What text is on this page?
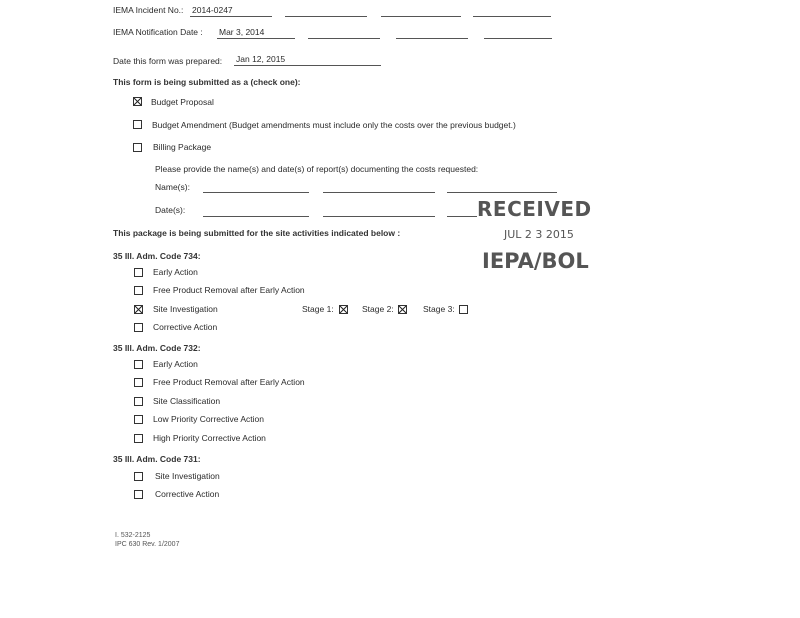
IEMA Incident No.: 2014-0247
IEMA Notification Date : Mar 3, 2014
Date this form was prepared: Jan 12, 2015
This form is being submitted as a (check one):
Budget Proposal
Budget Amendment (Budget amendments must include only the costs over the previous budget.)
Billing Package
Please provide the name(s) and date(s) of report(s) documenting the costs requested:
Name(s):
Date(s):	RECEIVED
JUL 2 3 2015
IEPA/BOL
This package is being submitted for the site activities indicated below :
35 Ill. Adm. Code 734:
Early Action
Free Product Removal after Early Action
Site Investigation	Stage 1:	Stage 2:	Stage 3:
Corrective Action
35 Ill. Adm. Code 732:
Early Action
Free Product Removal after Early Action
Site Classification
Low Priority Corrective Action
High Priority Corrective Action
35 Ill. Adm. Code 731:
Site Investigation
Corrective Action
I. 532-2125
IPC 630 Rev. 1/2007
